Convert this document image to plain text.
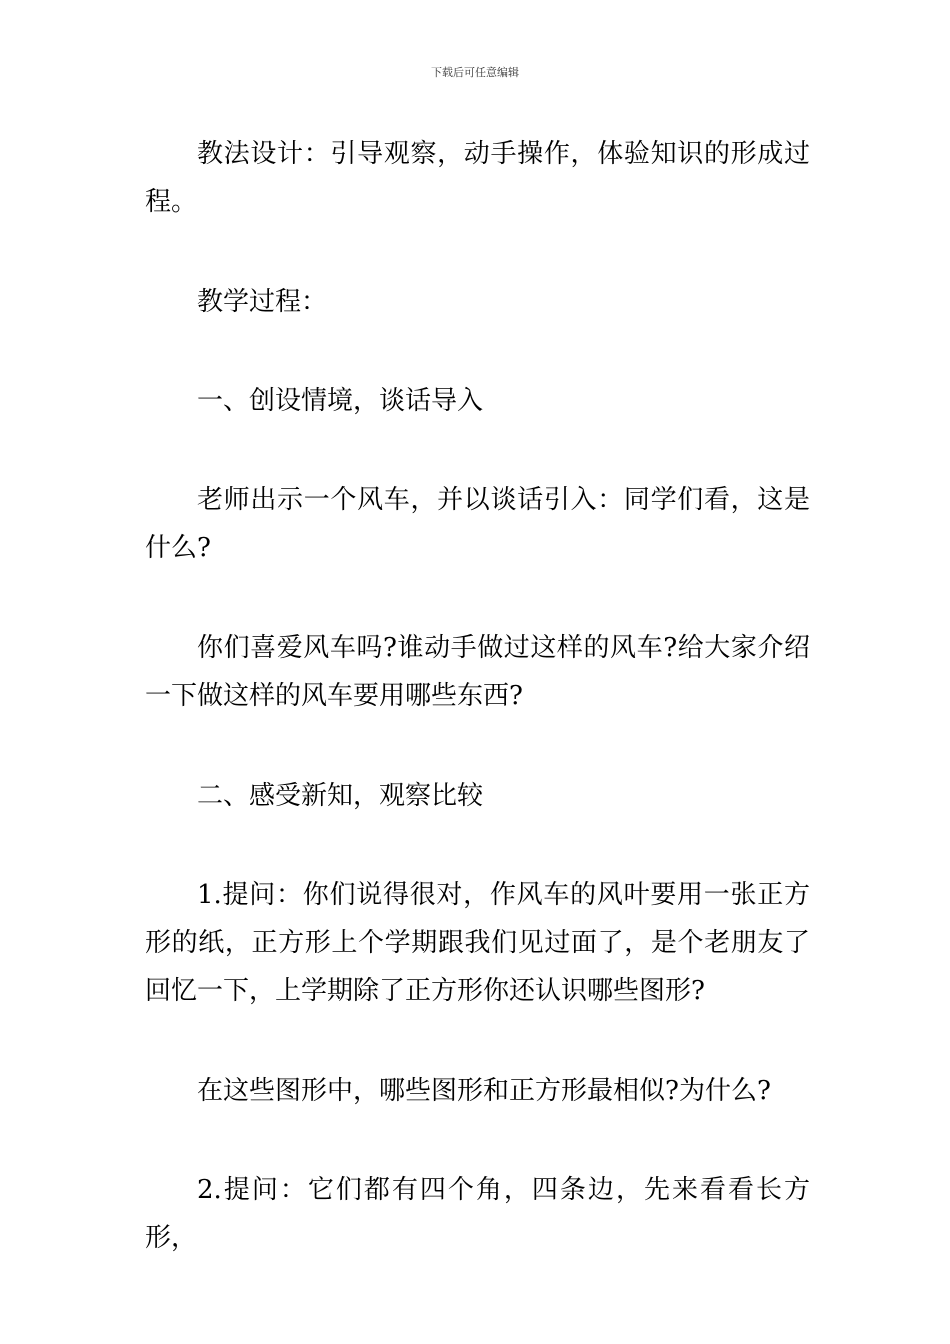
下载后可任意编辑

教法设计：引导观察，动手操作，体验知识的形成过程。

教学过程：

一、创设情境，谈话导入

老师出示一个风车，并以谈话引入：同学们看，这是什么?

你们喜爱风车吗?谁动手做过这样的风车?给大家介绍一下做这样的风车要用哪些东西?

二、感受新知，观察比较

1.提问：你们说得很对，作风车的风叶要用一张正方形的纸，正方形上个学期跟我们见过面了，是个老朋友了回忆一下，上学期除了正方形你还认识哪些图形?

在这些图形中，哪些图形和正方形最相似?为什么?

2.提问：它们都有四个角，四条边，先来看看长方形，
